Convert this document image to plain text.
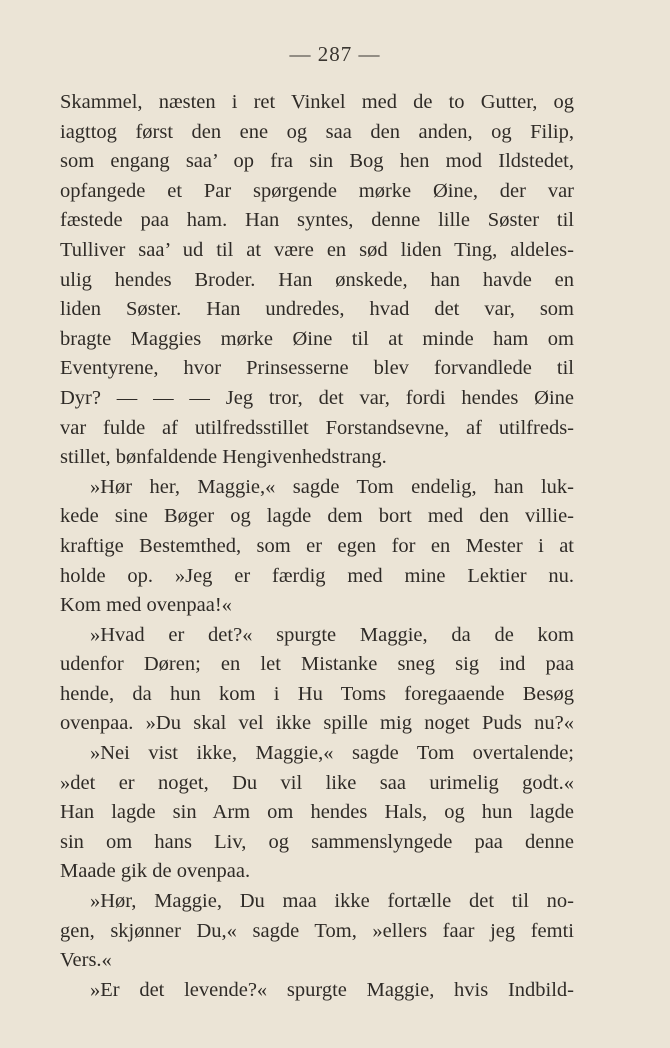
— 287 —
Skammel, næsten i ret Vinkel med de to Gutter, og
iagttog først den ene og saa den anden, og Filip,
som engang saa’ op fra sin Bog hen mod Ildstedet,
opfangede et Par spørgende mørke Øine, der var
fæstede paa ham. Han syntes, denne lille Søster til
Tulliver saa’ ud til at være en sød liden Ting, aldeles-
ulig hendes Broder. Han ønskede, han havde en
liden Søster. Han undredes, hvad det var, som
bragte Maggies mørke Øine til at minde ham om
Eventyrene, hvor Prinsesserne blev forvandlede til
Dyr? — — — Jeg tror, det var, fordi hendes Øine
var fulde af utilfredsstillet Forstandsevne, af utilfreds-
stillet, bønfaldende Hengivenhedstrang.
»Hør her, Maggie,« sagde Tom endelig, han luk-
kede sine Bøger og lagde dem bort med den villie-
kraftige Bestemthed, som er egen for en Mester i at
holde op. »Jeg er færdig med mine Lektier nu.
Kom med ovenpaa!«
»Hvad er det?« spurgte Maggie, da de kom
udenfor Døren; en let Mistanke sneg sig ind paa
hende, da hun kom i Hu Toms foregaaende Besøg
ovenpaa. »Du skal vel ikke spille mig noget Puds nu?«
»Nei vist ikke, Maggie,« sagde Tom overtalende;
»det er noget, Du vil like saa urimelig godt.«
Han lagde sin Arm om hendes Hals, og hun lagde
sin om hans Liv, og sammenslyngede paa denne
Maade gik de ovenpaa.
»Hør, Maggie, Du maa ikke fortælle det til no-
gen, skjønner Du,« sagde Tom, »ellers faar jeg femti
Vers.«
»Er det levende?« spurgte Maggie, hvis Indbild-
